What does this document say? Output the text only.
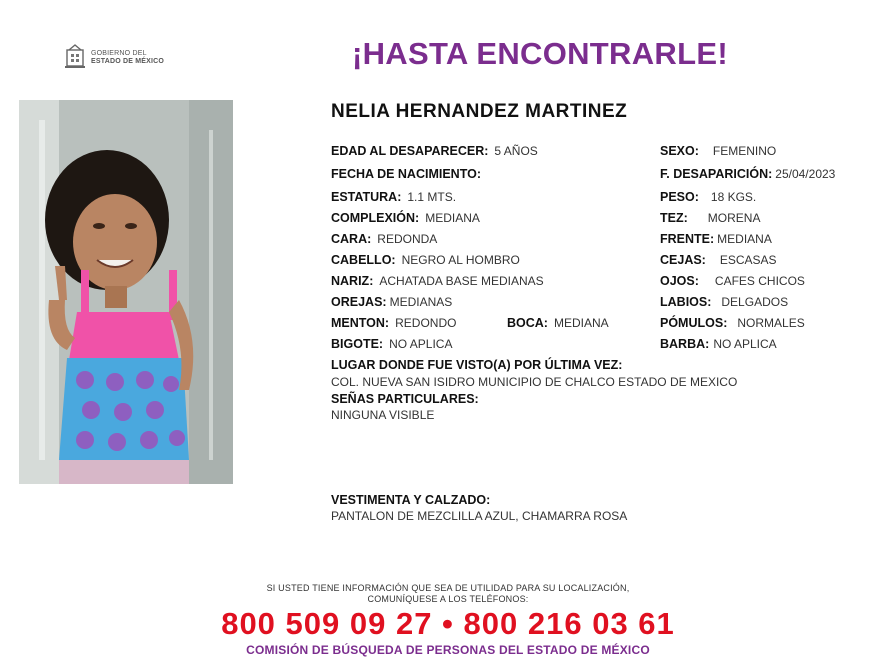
GOBIERNO DEL
ESTADO DE MÉXICO	¡HASTA ENCONTRARLE!
NELIA HERNANDEZ MARTINEZ
EDAD AL DESAPARECER: 5 AÑOS
FECHA DE NACIMIENTO:
ESTATURA: 1.1 MTS.
COMPLEXIÓN: MEDIANA
CARA: REDONDA
CABELLO: NEGRO AL HOMBRO
NARIZ: ACHATADA BASE MEDIANAS
OREJAS: MEDIANAS
MENTON: REDONDO	BOCA: MEDIANA
BIGOTE: NO APLICA
SEXO: FEMENINO
F. DESAPARICIÓN: 25/04/2023
PESO: 18 KGS.
TEZ: MORENA
FRENTE: MEDIANA
CEJAS: ESCASAS
OJOS: CAFES CHICOS
LABIOS: DELGADOS
PÓMULOS: NORMALES
BARBA: NO APLICA
LUGAR DONDE FUE VISTO(A) POR ÚLTIMA VEZ:
COL. NUEVA SAN ISIDRO MUNICIPIO DE CHALCO ESTADO DE MEXICO
SEÑAS PARTICULARES:
NINGUNA VISIBLE
VESTIMENTA Y CALZADO:
PANTALON DE MEZCLILLA AZUL, CHAMARRA ROSA
SI USTED TIENE INFORMACIÓN QUE SEA DE UTILIDAD PARA SU LOCALIZACIÓN,
COMUNÍQUESE A LOS TELÉFONOS:
800 509 09 27 • 800 216 03 61
COMISIÓN DE BÚSQUEDA DE PERSONAS DEL ESTADO DE MÉXICO
